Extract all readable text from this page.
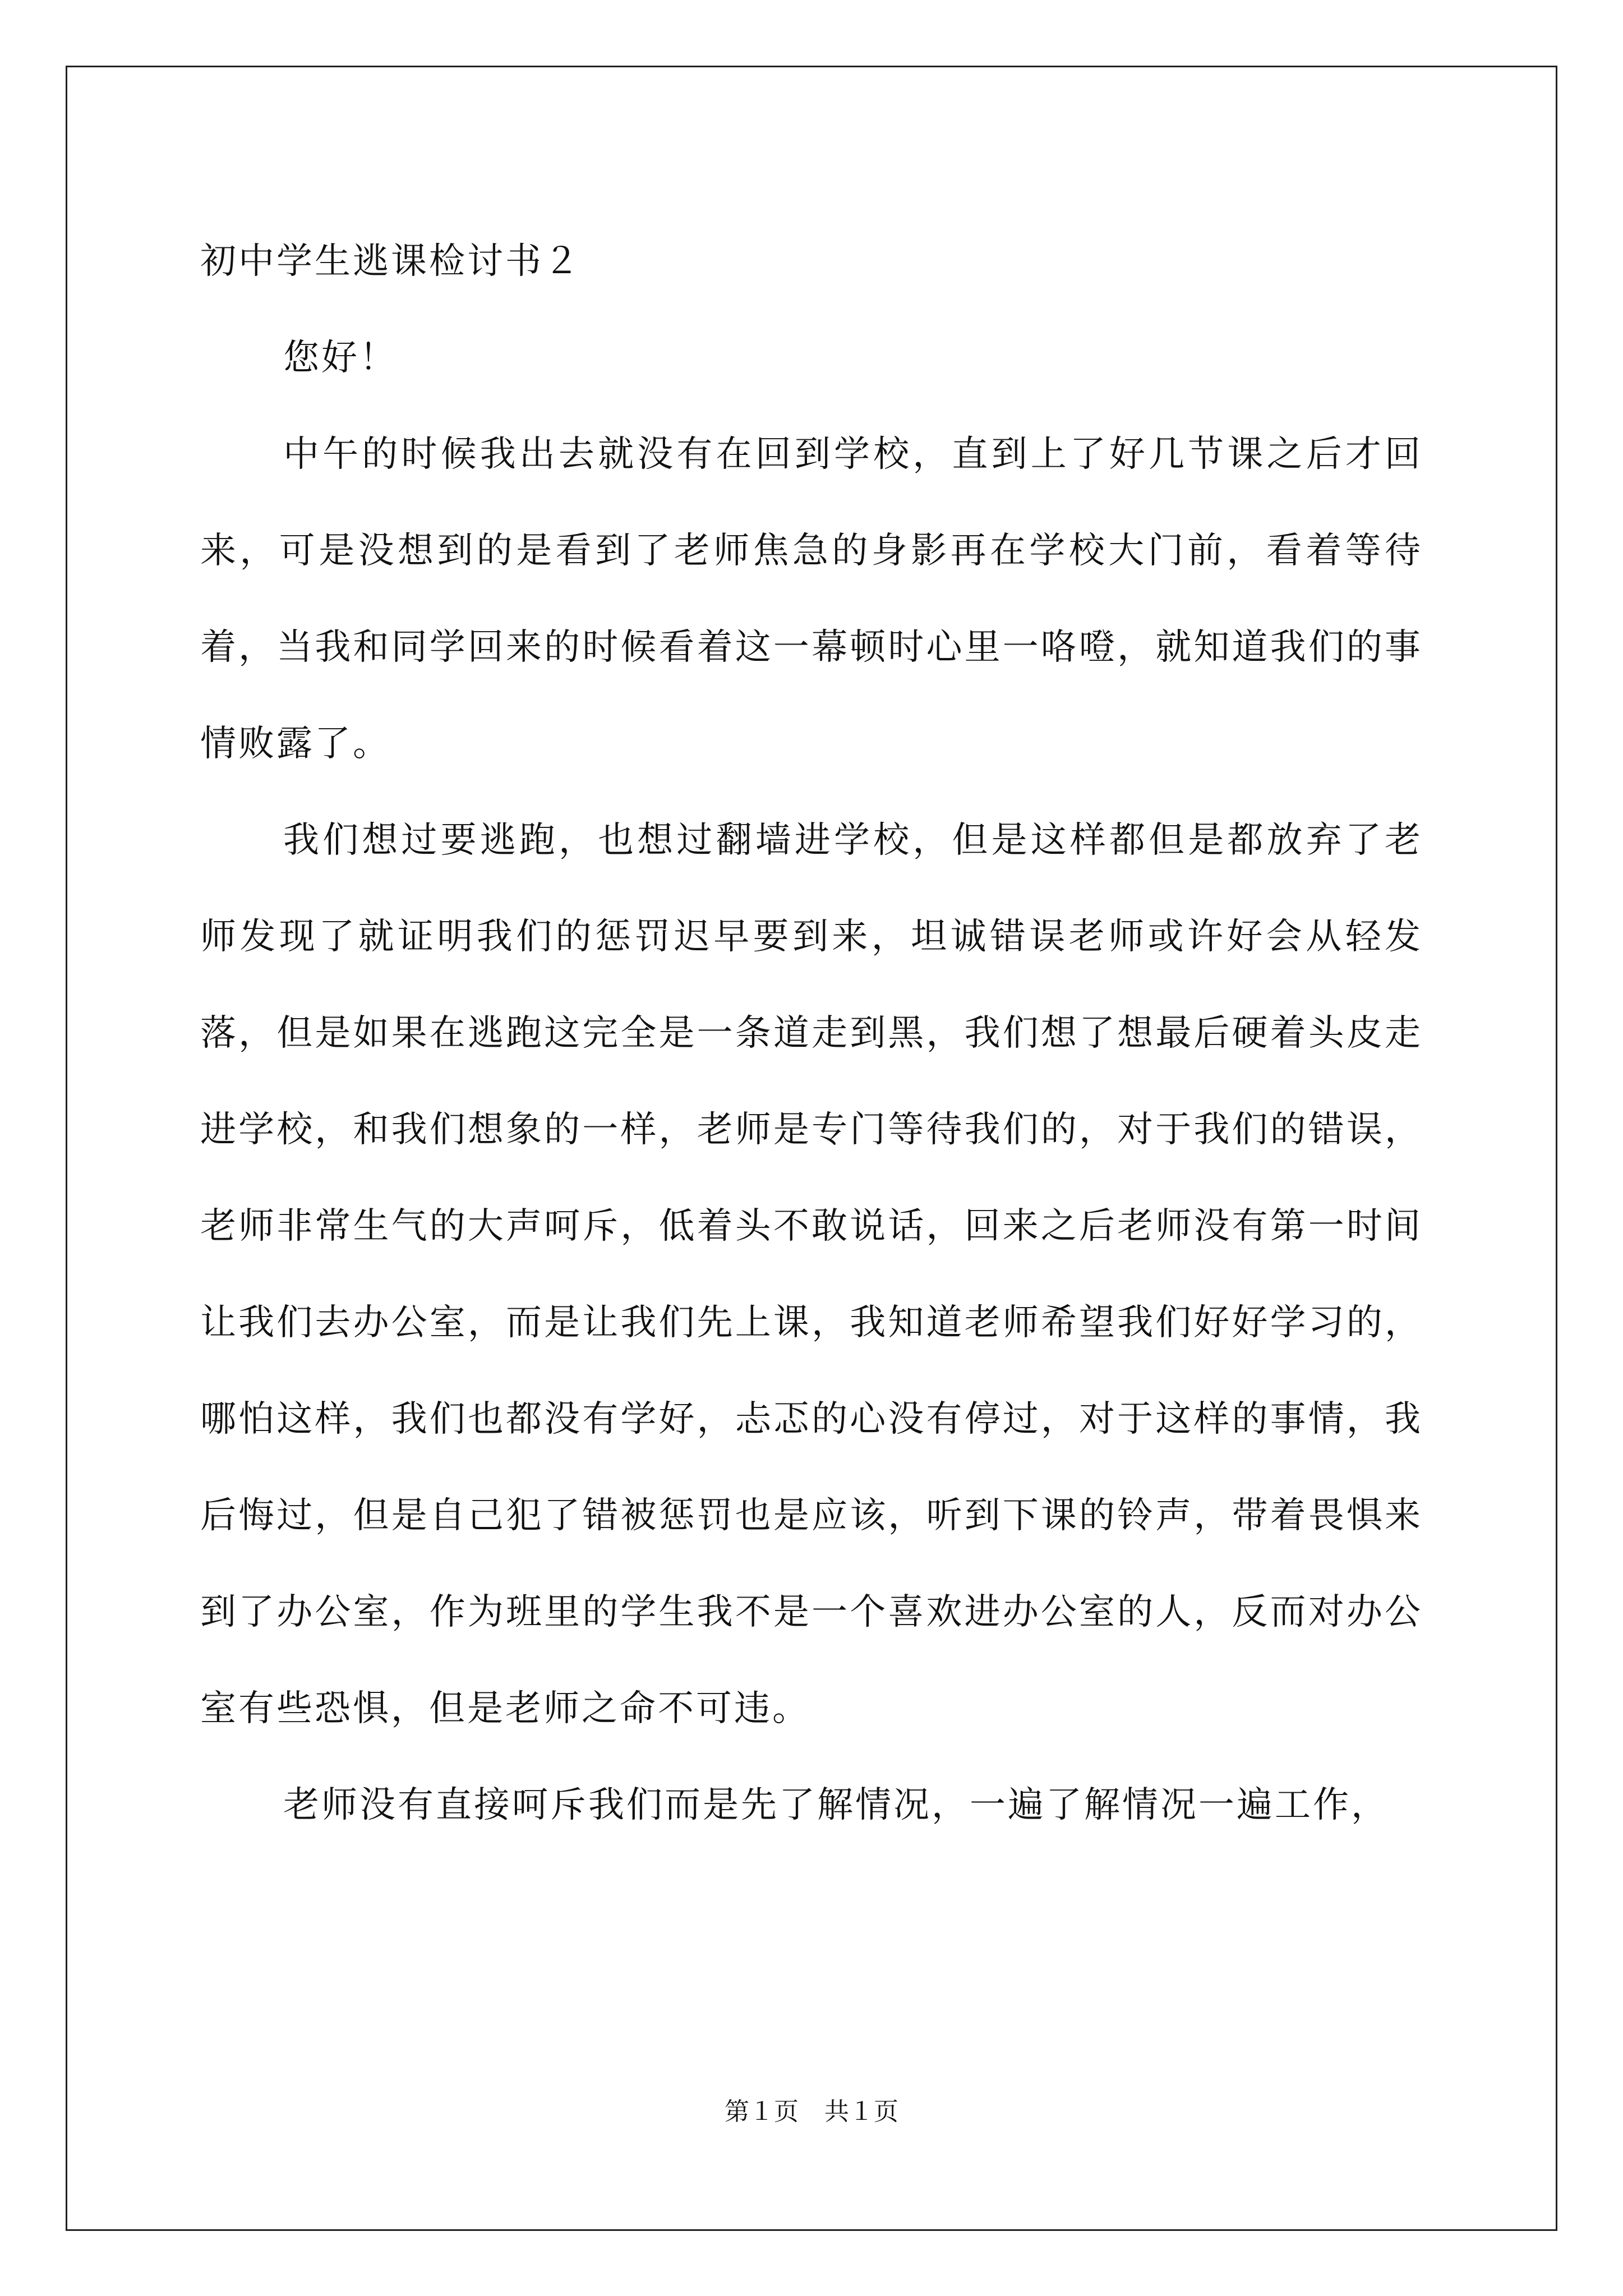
初中学生逃课检讨书２

您好！

中午的时候我出去就没有在回到学校，直到上了好几节课之后才回来，可是没想到的是看到了老师焦急的身影再在学校大门前，看着等待着，当我和同学回来的时候看着这一幕顿时心里一咯噔，就知道我们的事情败露了。

我们想过要逃跑，也想过翻墙进学校，但是这样都但是都放弃了老师发现了就证明我们的惩罚迟早要到来，坦诚错误老师或许好会从轻发落，但是如果在逃跑这完全是一条道走到黑，我们想了想最后硬着头皮走进学校，和我们想象的一样，老师是专门等待我们的，对于我们的错误，老师非常生气的大声呵斥，低着头不敢说话，回来之后老师没有第一时间让我们去办公室，而是让我们先上课，我知道老师希望我们好好学习的，哪怕这样，我们也都没有学好，忐忑的心没有停过，对于这样的事情，我后悔过，但是自己犯了错被惩罚也是应该，听到下课的铃声，带着畏惧来到了办公室，作为班里的学生我不是一个喜欢进办公室的人，反而对办公室有些恐惧，但是老师之命不可违。

老师没有直接呵斥我们而是先了解情况，一遍了解情况一遍工作，

第１页 共１页
